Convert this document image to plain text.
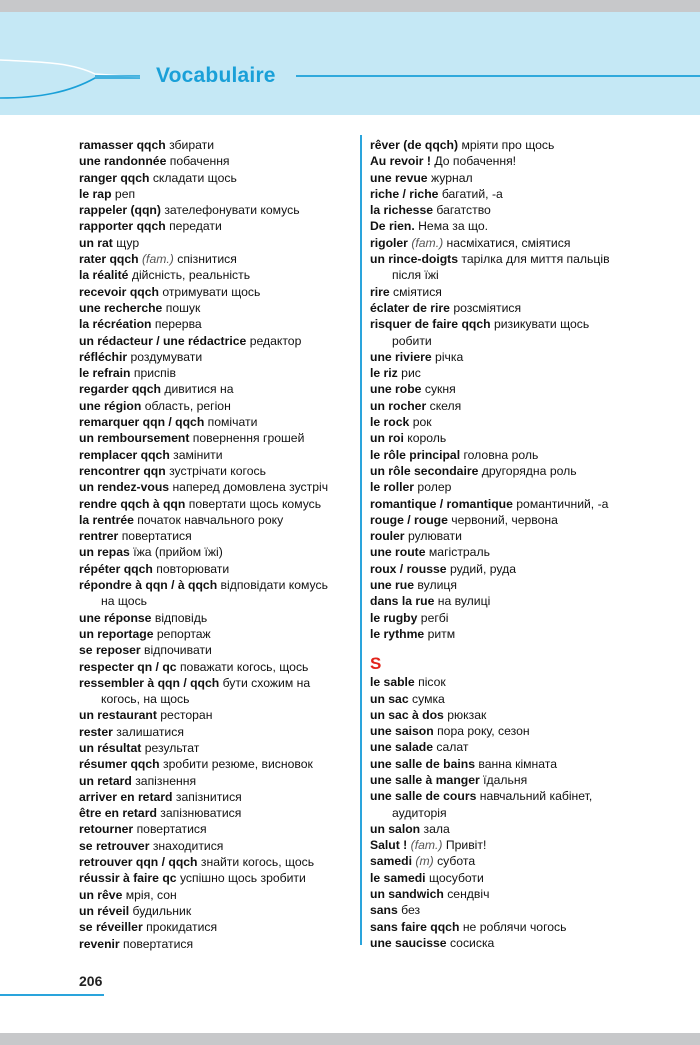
Vocabulaire
ramasser qqch збирати
une randonnée побачення
ranger qqch складати щось
le rap реп
rappeler (qqn) зателефонувати комусь
rapporter qqch передати
un rat щур
rater qqch (fam.) спізнитися
la réalité дійсність, реальність
recevoir qqch отримувати щось
une recherche пошук
la récréation перерва
un rédacteur / une rédactrice редактор
réfléchir роздумувати
le refrain приспів
regarder qqch дивитися на
une région область, регіон
remarquer qqn / qqch помічати
un remboursement повернення грошей
remplacer qqch замінити
rencontrer qqn зустрічати когось
un rendez-vous наперед домовлена зустріч
rendre qqch à qqn повертати щось комусь
la rentrée початок навчального року
rentrer повертатися
un repas їжа (прийом їжі)
répéter qqch повторювати
répondre à qqn / à qqch відповідати комусь
на щось
une réponse відповідь
un reportage репортаж
se reposer відпочивати
respecter qn / qc поважати когось, щось
ressembler à qqn / qqch бути схожим на
когось, на щось
un restaurant ресторан
rester залишатися
un résultat результат
résumer qqch зробити резюме, висновок
un retard запізнення
arriver en retard запізнитися
être en retard запізнюватися
retourner повертатися
se retrouver знаходитися
retrouver qqn / qqch знайти когось, щось
réussir à faire qc успішно щось зробити
un rêve мрія, сон
un réveil будильник
se réveiller прокидатися
revenir повертатися
rêver (de qqch) мріяти про щось
Au revoir ! До побачення!
une revue журнал
riche / riche багатий, -а
la richesse багатство
De rien. Нема за що.
rigoler (fam.) насміхатися, сміятися
un rince-doigts тарілка для миття пальців
після їжі
rire сміятися
éclater de rire розсміятися
risquer de faire qqch ризикувати щось
робити
une riviere річка
le riz рис
une robe сукня
un rocher скеля
le rock рок
un roi король
le rôle principal головна роль
un rôle secondaire другорядна роль
le roller ролер
romantique / romantique романтичний, -а
rouge / rouge червоний, червона
rouler рулювати
une route магістраль
roux / rousse рудий, руда
une rue вулиця
dans la rue на вулиці
le rugby регбі
le rythme ритм
S
le sable пісок
un sac сумка
un sac à dos рюкзак
une saison пора року, сезон
une salade салат
une salle de bains ванна кімната
une salle à manger їдальня
une salle de cours навчальний кабінет,
аудиторія
un salon зала
Salut ! (fam.) Привіт!
samedi (m) субота
le samedi щосуботи
un sandwich сендвіч
sans без
sans faire qqch не роблячи чогось
une saucisse сосиска
206
